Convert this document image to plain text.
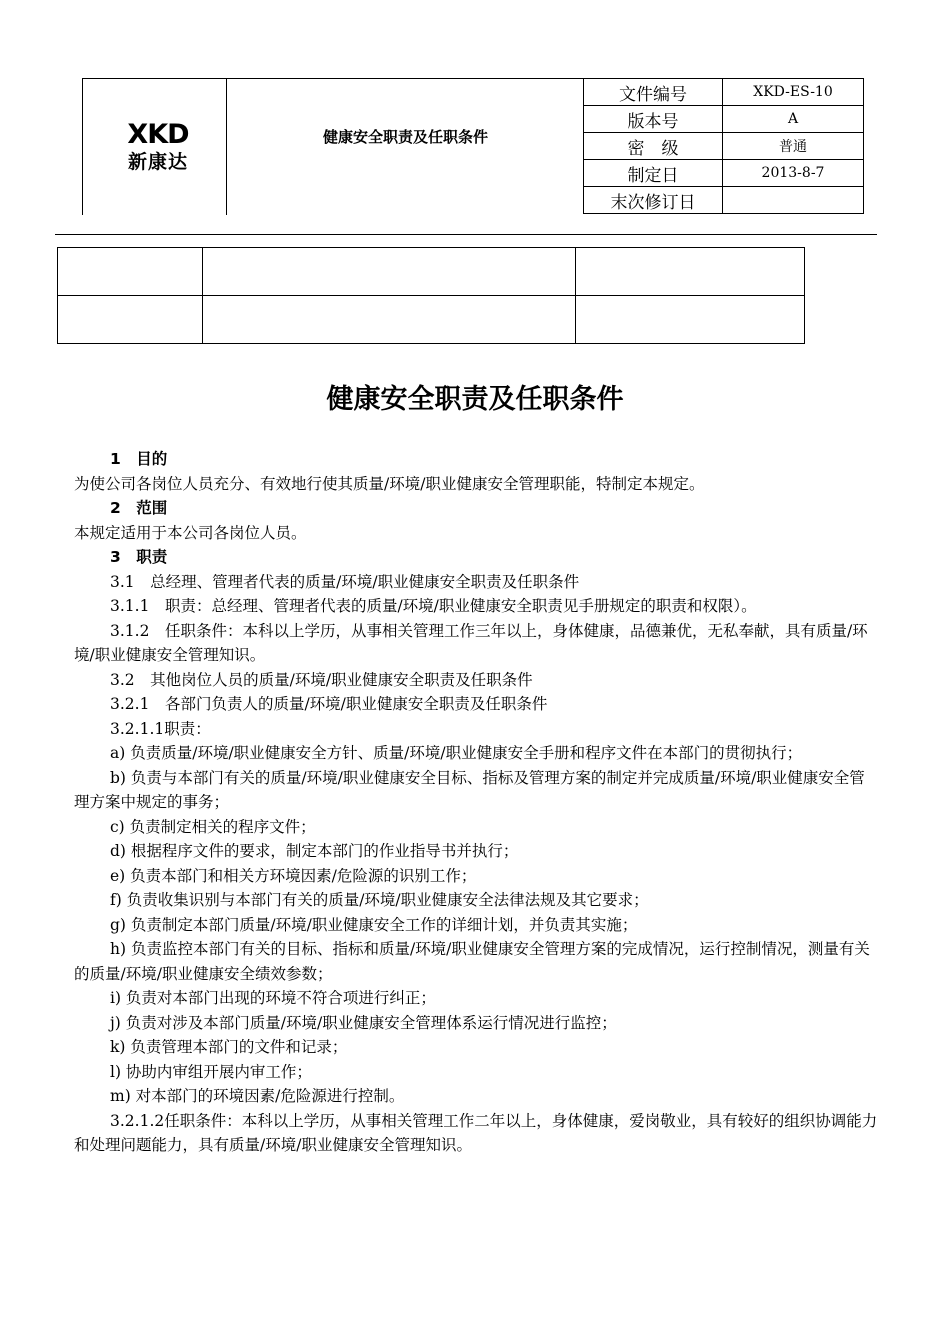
XKD
新康达
健康安全职责及任职条件
文件编号	XKD-ES-10
版本号	A
密　级	普通
制定日	2013-8-7
末次修订日	

健康安全职责及任职条件

1　目的

为使公司各岗位人员充分、有效地行使其质量/环境/职业健康安全管理职能，特制定本规定。

2　范围

本规定适用于本公司各岗位人员。

3　职责

3.1　总经理、管理者代表的质量/环境/职业健康安全职责及任职条件

3.1.1　职责：总经理、管理者代表的质量/环境/职业健康安全职责见手册规定的职责和权限）。

3.1.2　任职条件：本科以上学历，从事相关管理工作三年以上，身体健康，品德兼优，无私奉献，具有质量/环境/职业健康安全管理知识。

3.2　其他岗位人员的质量/环境/职业健康安全职责及任职条件

3.2.1　各部门负责人的质量/环境/职业健康安全职责及任职条件

3.2.1.1职责：

a) 负责质量/环境/职业健康安全方针、质量/环境/职业健康安全手册和程序文件在本部门的贯彻执行；

b) 负责与本部门有关的质量/环境/职业健康安全目标、指标及管理方案的制定并完成质量/环境/职业健康安全管理方案中规定的事务；

c) 负责制定相关的程序文件；

d) 根据程序文件的要求，制定本部门的作业指导书并执行；

e) 负责本部门和相关方环境因素/危险源的识别工作；

f) 负责收集识别与本部门有关的质量/环境/职业健康安全法律法规及其它要求；

g) 负责制定本部门质量/环境/职业健康安全工作的详细计划，并负责其实施；

h) 负责监控本部门有关的目标、指标和质量/环境/职业健康安全管理方案的完成情况，运行控制情况，测量有关的质量/环境/职业健康安全绩效参数；

i) 负责对本部门出现的环境不符合项进行纠正；

j) 负责对涉及本部门质量/环境/职业健康安全管理体系运行情况进行监控；

k) 负责管理本部门的文件和记录；

l) 协助内审组开展内审工作；

m) 对本部门的环境因素/危险源进行控制。

3.2.1.2任职条件：本科以上学历，从事相关管理工作二年以上，身体健康，爱岗敬业，具有较好的组织协调能力和处理问题能力，具有质量/环境/职业健康安全管理知识。
